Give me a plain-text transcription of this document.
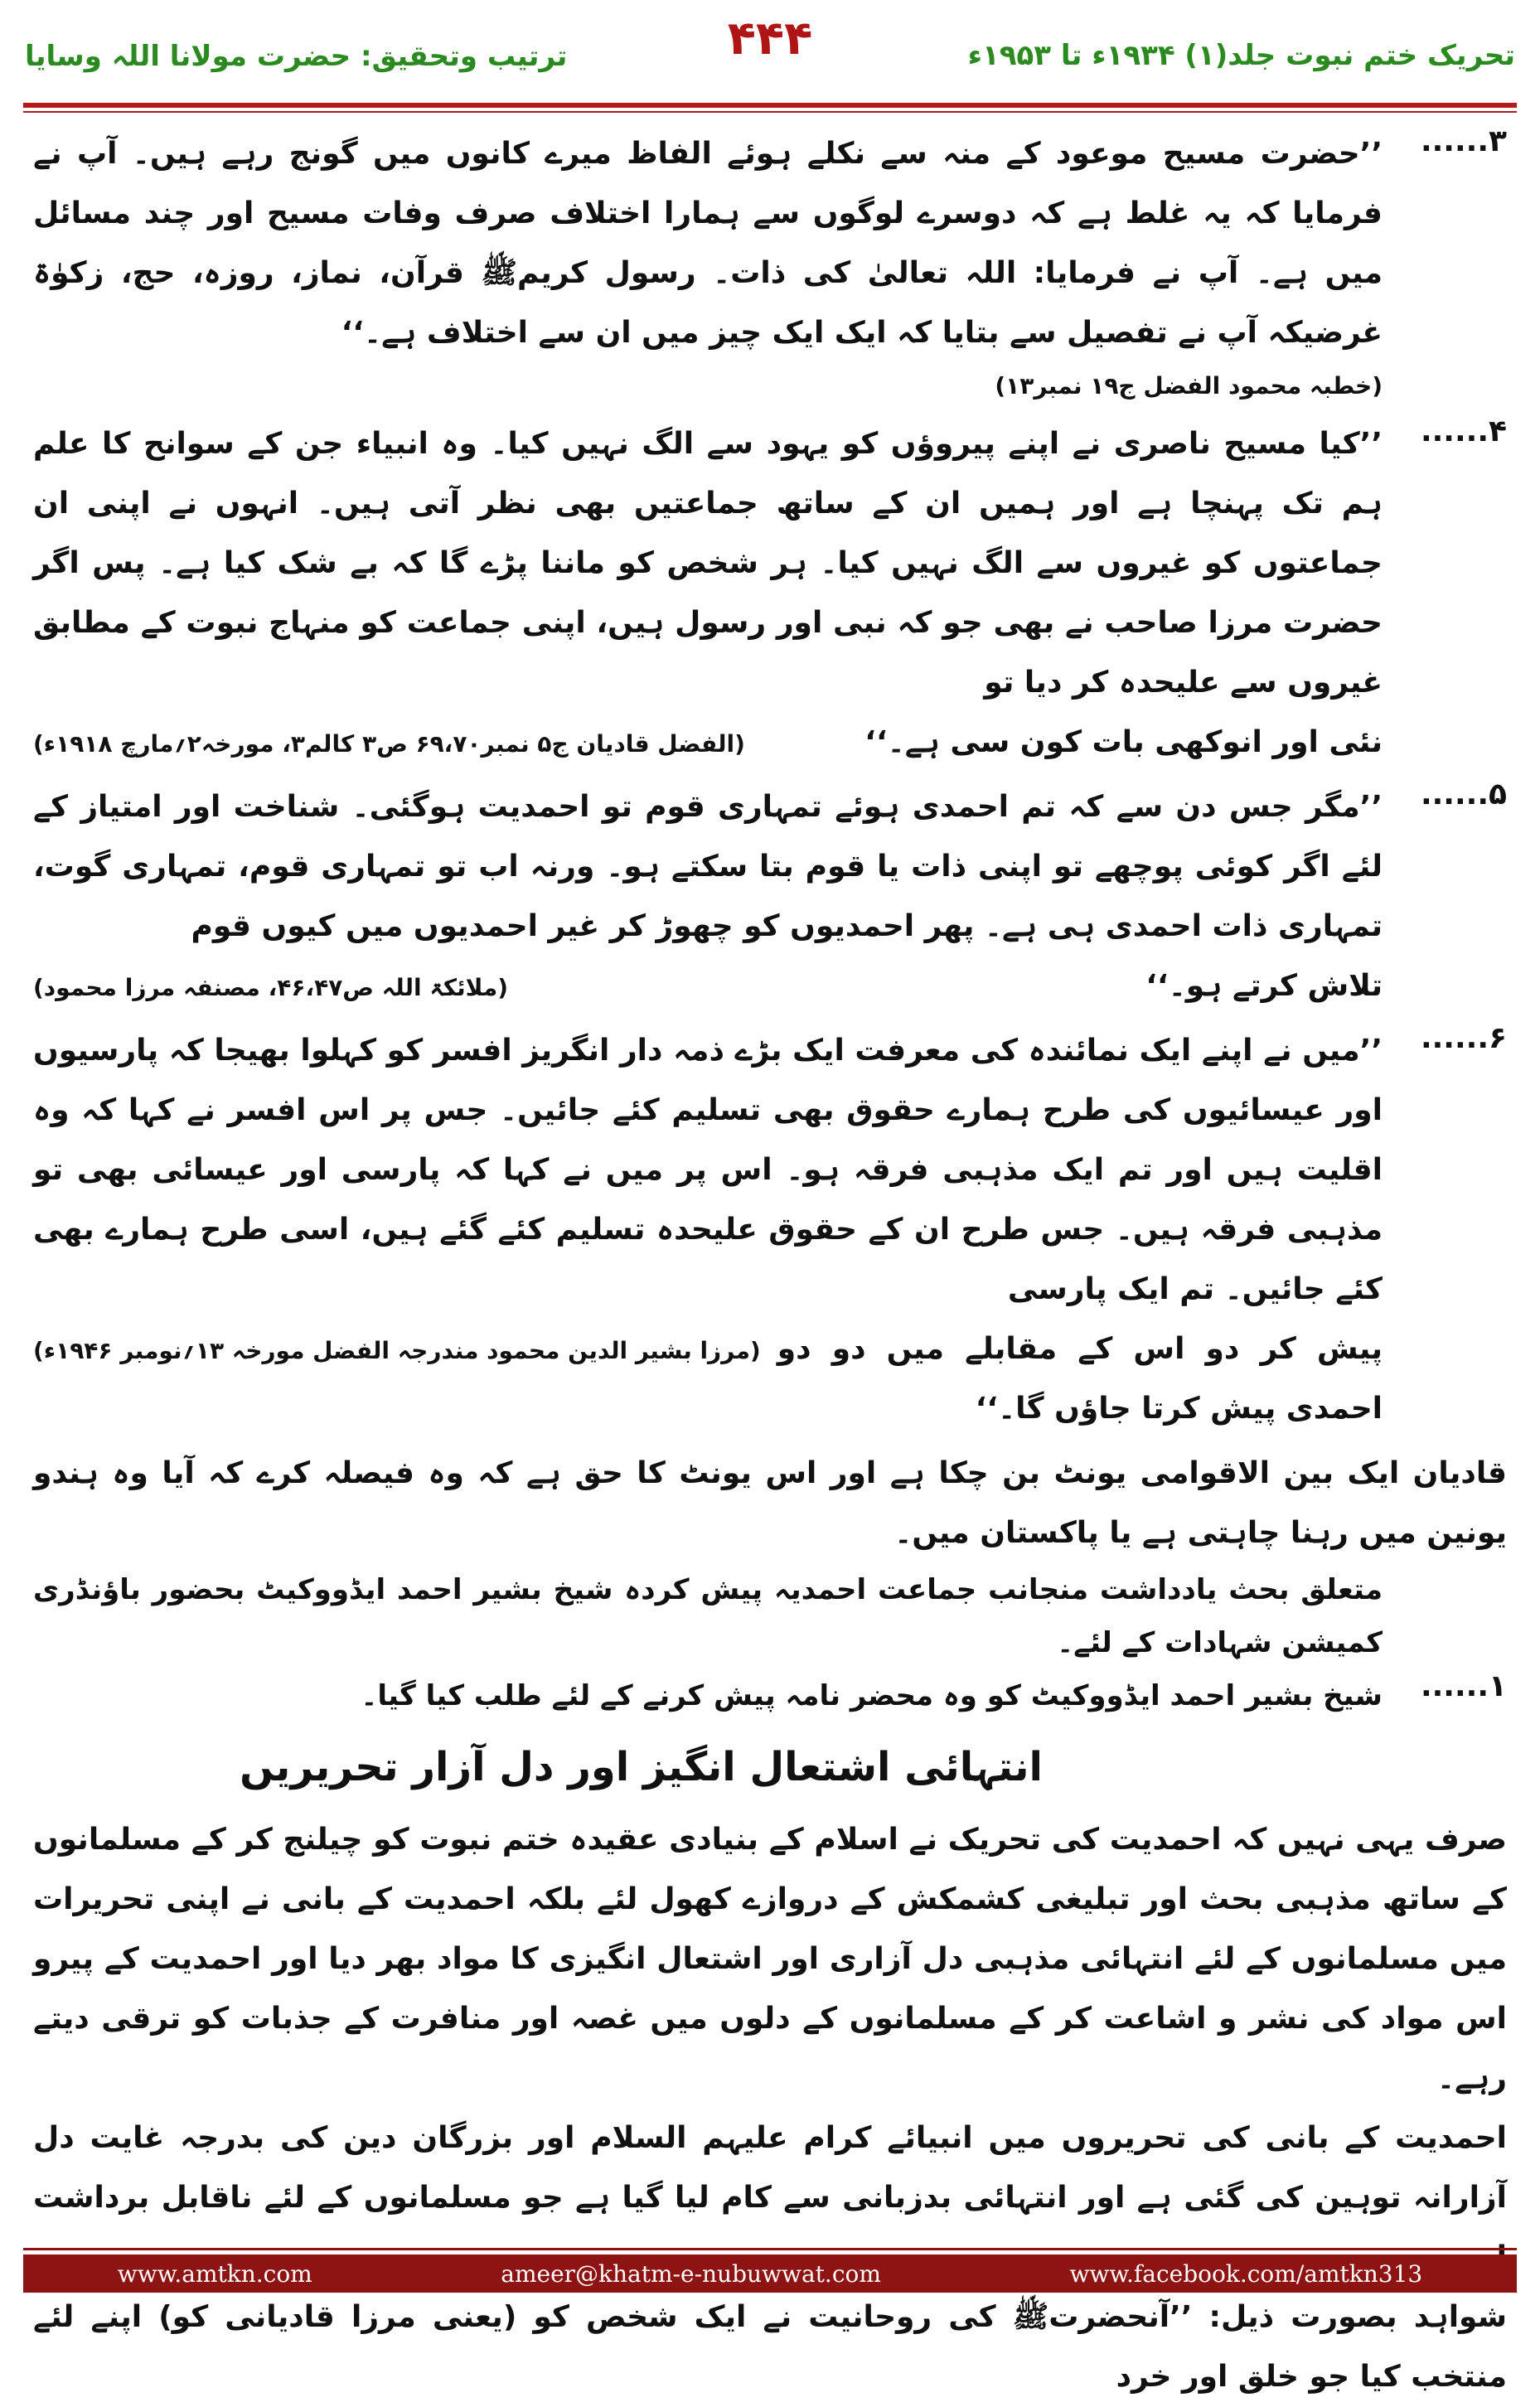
تحریک ختم نبوت جلد(۱) ۱۹۳۴ء تا ۱۹۵۳ء
ترتیب وتحقیق: حضرت مولانا اللہ وسایا	۴۴۴
۳......

’’حضرت مسیح موعود کے منہ سے نکلے ہوئے الفاظ میرے کانوں میں گونج رہے ہیں۔ آپ نے فرمایا کہ یہ غلط ہے کہ دوسرے لوگوں سے ہمارا اختلاف صرف وفات مسیح اور چند مسائل میں ہے۔ آپ نے فرمایا: اللہ تعالیٰ کی ذات۔ رسول کریمﷺ قرآن، نماز، روزہ، حج، زکوٰۃ غرضیکہ آپ نے تفصیل سے بتایا کہ ایک ایک چیز میں ان سے اختلاف ہے۔‘‘

(خطبہ محمود الفضل ج۱۹ نمبر۱۳)
۴......

’’کیا مسیح ناصری نے اپنے پیروؤں کو یہود سے الگ نہیں کیا۔ وہ انبیاء جن کے سوانح کا علم ہم تک پہنچا ہے اور ہمیں ان کے ساتھ جماعتیں بھی نظر آتی ہیں۔ انہوں نے اپنی ان جماعتوں کو غیروں سے الگ نہیں کیا۔ ہر شخص کو ماننا پڑے گا کہ بے شک کیا ہے۔ پس اگر حضرت مرزا صاحب نے بھی جو کہ نبی اور رسول ہیں، اپنی جماعت کو منہاج نبوت کے مطابق غیروں سے علیحدہ کر دیا تو

نئی اور انوکھی بات کون سی ہے۔‘‘
(الفضل قادیان ج۵ نمبر۶۹،۷۰ ص۳ کالم۳، مورخہ۲؍مارچ ۱۹۱۸ء)
۵......

’’مگر جس دن سے کہ تم احمدی ہوئے تمہاری قوم تو احمدیت ہوگئی۔ شناخت اور امتیاز کے لئے اگر کوئی پوچھے تو اپنی ذات یا قوم بتا سکتے ہو۔ ورنہ اب تو تمہاری قوم، تمہاری گوت، تمہاری ذات احمدی ہی ہے۔ پھر احمدیوں کو چھوڑ کر غیر احمدیوں میں کیوں قوم

تلاش کرتے ہو۔‘‘
(ملائکۃ اللہ ص۴۶،۴۷، مصنفہ مرزا محمود)
۶......

’’میں نے اپنے ایک نمائندہ کی معرفت ایک بڑے ذمہ دار انگریز افسر کو کہلوا بھیجا کہ پارسیوں اور عیسائیوں کی طرح ہمارے حقوق بھی تسلیم کئے جائیں۔ جس پر اس افسر نے کہا کہ وہ اقلیت ہیں اور تم ایک مذہبی فرقہ ہو۔ اس پر میں نے کہا کہ پارسی اور عیسائی بھی تو مذہبی فرقہ ہیں۔ جس طرح ان کے حقوق علیحدہ تسلیم کئے گئے ہیں، اسی طرح ہمارے بھی کئے جائیں۔ تم ایک پارسی

پیش کر دو اس کے مقابلے میں دو دو احمدی پیش کرتا جاؤں گا۔‘‘
(مرزا بشیر الدین محمود مندرجہ الفضل مورخہ ۱۳؍نومبر ۱۹۴۶ء)

قادیان ایک بین الاقوامی یونٹ بن چکا ہے اور اس یونٹ کا حق ہے کہ وہ فیصلہ کرے کہ آیا وہ ہندو یونین میں رہنا چاہتی ہے یا پاکستان میں۔

متعلق بحث یادداشت منجانب جماعت احمدیہ پیش کردہ شیخ بشیر احمد ایڈووکیٹ بحضور باؤنڈری کمیشن شہادات کے لئے۔
۱......
شیخ بشیر احمد ایڈووکیٹ کو وہ محضر نامہ پیش کرنے کے لئے طلب کیا گیا۔
انتہائی اشتعال انگیز اور دل آزار تحریریں

صرف یہی نہیں کہ احمدیت کی تحریک نے اسلام کے بنیادی عقیدہ ختم نبوت کو چیلنج کر کے مسلمانوں کے ساتھ مذہبی بحث اور تبلیغی کشمکش کے دروازے کھول لئے بلکہ احمدیت کے بانی نے اپنی تحریرات میں مسلمانوں کے لئے انتہائی مذہبی دل آزاری اور اشتعال انگیزی کا مواد بھر دیا اور احمدیت کے پیرو اس مواد کی نشر و اشاعت کر کے مسلمانوں کے دلوں میں غصہ اور منافرت کے جذبات کو ترقی دیتے رہے۔

احمدیت کے بانی کی تحریروں میں انبیائے کرام علیہم السلام اور بزرگان دین کی بدرجہ غایت دل آزارانہ توہین کی گئی ہے اور انتہائی بدزبانی سے کام لیا گیا ہے جو مسلمانوں کے لئے ناقابل برداشت

شواہد بصورت ذیل: ’’آنحضرتﷺ کی روحانیت نے ایک شخص کو (یعنی مرزا قادیانی کو) اپنے لئے منتخب کیا جو خلق اور خرد

www.amtkn.com	ameer@khatm-e-nubuwwat.com	www.facebook.com/amtkn313
